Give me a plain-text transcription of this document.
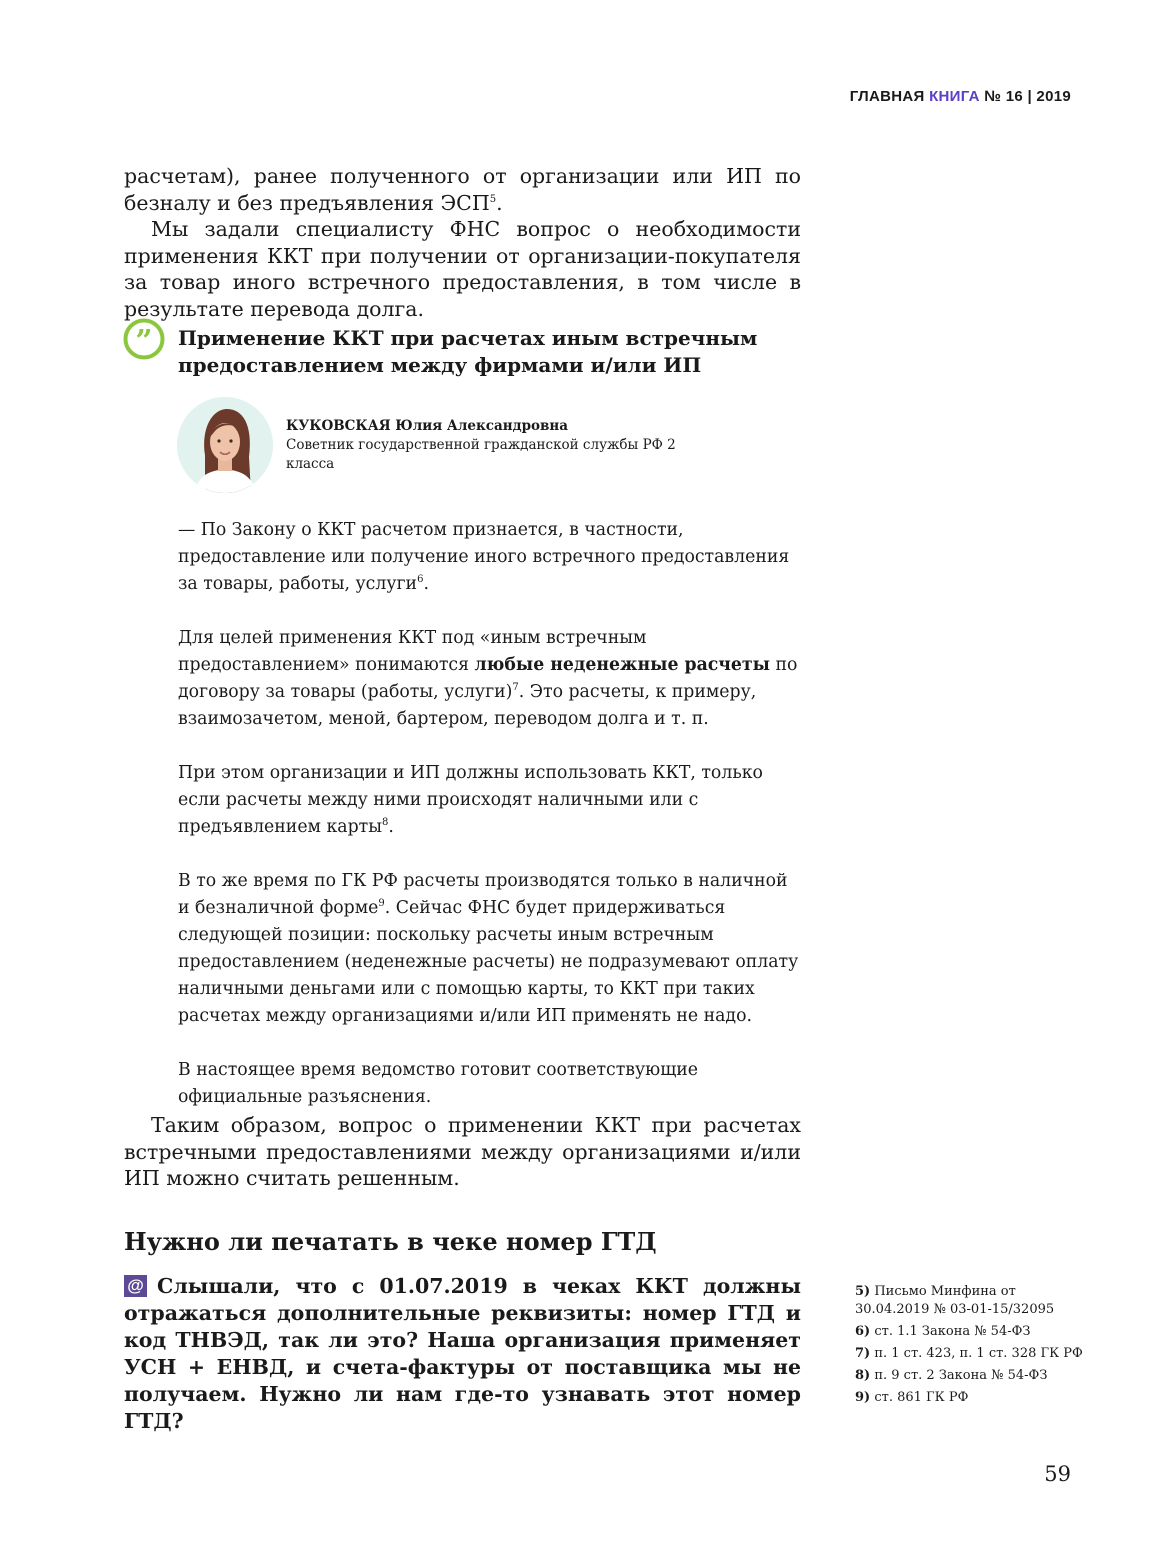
ГЛАВНАЯ КНИГА № 16 | 2019

расчетам), ранее полученного от организации или ИП по безналу и без предъявления ЭСП$^5$.

Мы задали специалисту ФНС вопрос о необходимости применения ККТ при получении от организации-покупателя за товар иного встречного предоставления, в том числе в результате перевода долга.

” Применение ККТ при расчетах иным встречным предоставлением между фирмами и/или ИП
КУКОВСКАЯ Юлия Александровна
Советник государственной гражданской службы РФ 2 класса

— По Закону о ККТ расчетом признается, в частности, предоставление или получение иного встречного предоставления за товары, работы, услуги$^6$.

Для целей применения ККТ под «иным встречным предоставлением» понимаются любые неденежные расчеты по договору за товары (работы, услуги)$^7$. Это расчеты, к примеру, взаимозачетом, меной, бартером, переводом долга и т. п.

При этом организации и ИП должны использовать ККТ, только если расчеты между ними происходят наличными или с предъявлением карты$^8$.

В то же время по ГК РФ расчеты производятся только в наличной и безналичной форме$^9$. Сейчас ФНС будет придерживаться следующей позиции: поскольку расчеты иным встречным предоставлением (неденежные расчеты) не подразумевают оплату наличными деньгами или с помощью карты, то ККТ при таких расчетах между организациями и/или ИП применять не надо.

В настоящее время ведомство готовит соответствующие официальные разъяснения.

Таким образом, вопрос о применении ККТ при расчетах встречными предоставлениями между организациями и/или ИП можно считать решенным.

Нужно ли печатать в чеке номер ГТД
@ Слышали, что с 01.07.2019 в чеках ККТ должны отражаться дополнительные реквизиты: номер ГТД и код ТНВЭД, так ли это? Наша организация применяет УСН + ЕНВД, и счета-фактуры от поставщика мы не получаем. Нужно ли нам где-то узнавать этот номер ГТД?
5) Письмо Минфина от 30.04.2019 № 03-01-15/32095
6) ст. 1.1 Закона № 54-ФЗ
7) п. 1 ст. 423, п. 1 ст. 328 ГК РФ
8) п. 9 ст. 2 Закона № 54-ФЗ
9) ст. 861 ГК РФ
59
